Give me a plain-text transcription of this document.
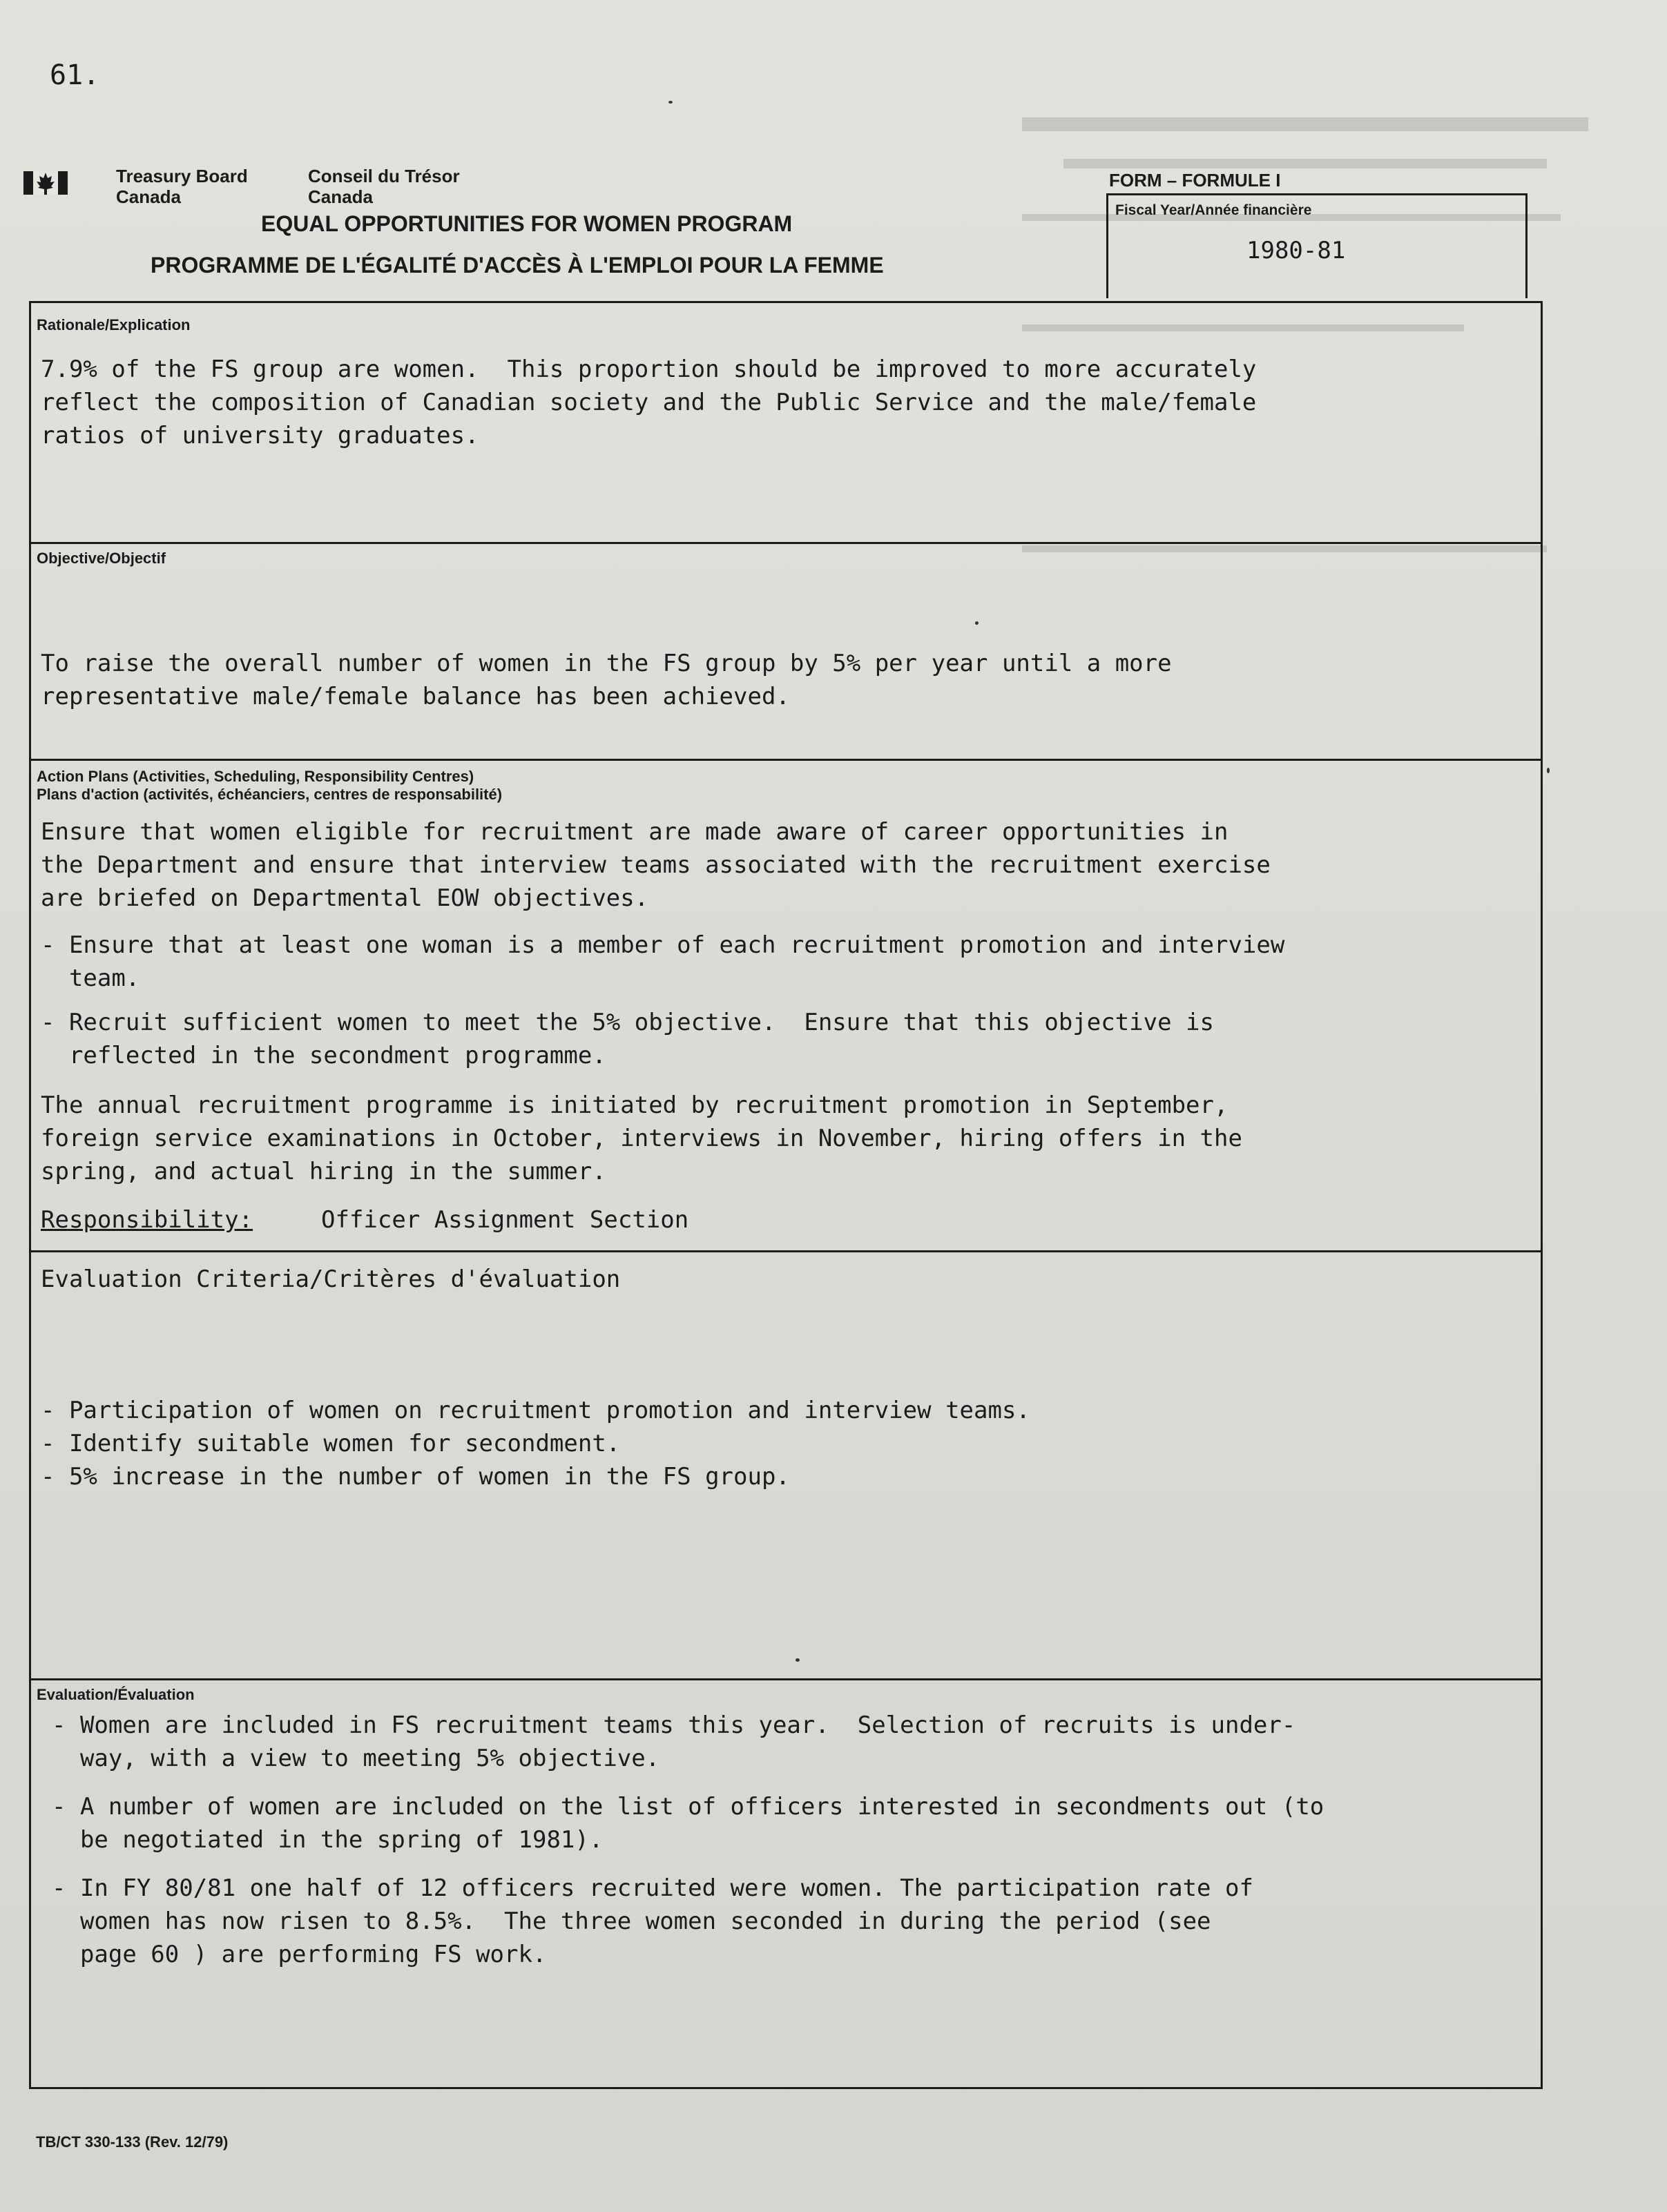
61.
Treasury Board
Canada
Conseil du Trésor
Canada
FORM – FORMULE I
Fiscal Year/Année financière
1980-81
EQUAL OPPORTUNITIES FOR WOMEN PROGRAM
PROGRAMME DE L'ÉGALITÉ D'ACCÈS À L'EMPLOI POUR LA FEMME
Rationale/Explication
7.9% of the FS group are women.  This proportion should be improved to more accurately
reflect the composition of Canadian society and the Public Service and the male/female
ratios of university graduates.
Objective/Objectif
To raise the overall number of women in the FS group by 5% per year until a more
representative male/female balance has been achieved.
Action Plans (Activities, Scheduling, Responsibility Centres)
Plans d'action (activités, échéanciers, centres de responsabilité)
Ensure that women eligible for recruitment are made aware of career opportunities in
the Department and ensure that interview teams associated with the recruitment exercise
are briefed on Departmental EOW objectives.
- Ensure that at least one woman is a member of each recruitment promotion and interview
team.
- Recruit sufficient women to meet the 5% objective.  Ensure that this objective is
reflected in the secondment programme.
The annual recruitment programme is initiated by recruitment promotion in September,
foreign service examinations in October, interviews in November, hiring offers in the
spring, and actual hiring in the summer.
Responsibility:	Officer Assignment Section
Evaluation Criteria/Critères d'évaluation
- Participation of women on recruitment promotion and interview teams.
- Identify suitable women for secondment.
- 5% increase in the number of women in the FS group.
Evaluation/Évaluation
- Women are included in FS recruitment teams this year.  Selection of recruits is under-
way, with a view to meeting 5% objective.
- A number of women are included on the list of officers interested in secondments out (to
be negotiated in the spring of 1981).
- In FY 80/81 one half of 12 officers recruited were women. The participation rate of
women has now risen to 8.5%.  The three women seconded in during the period (see
page 60 ) are performing FS work.
TB/CT 330-133 (Rev. 12/79)
